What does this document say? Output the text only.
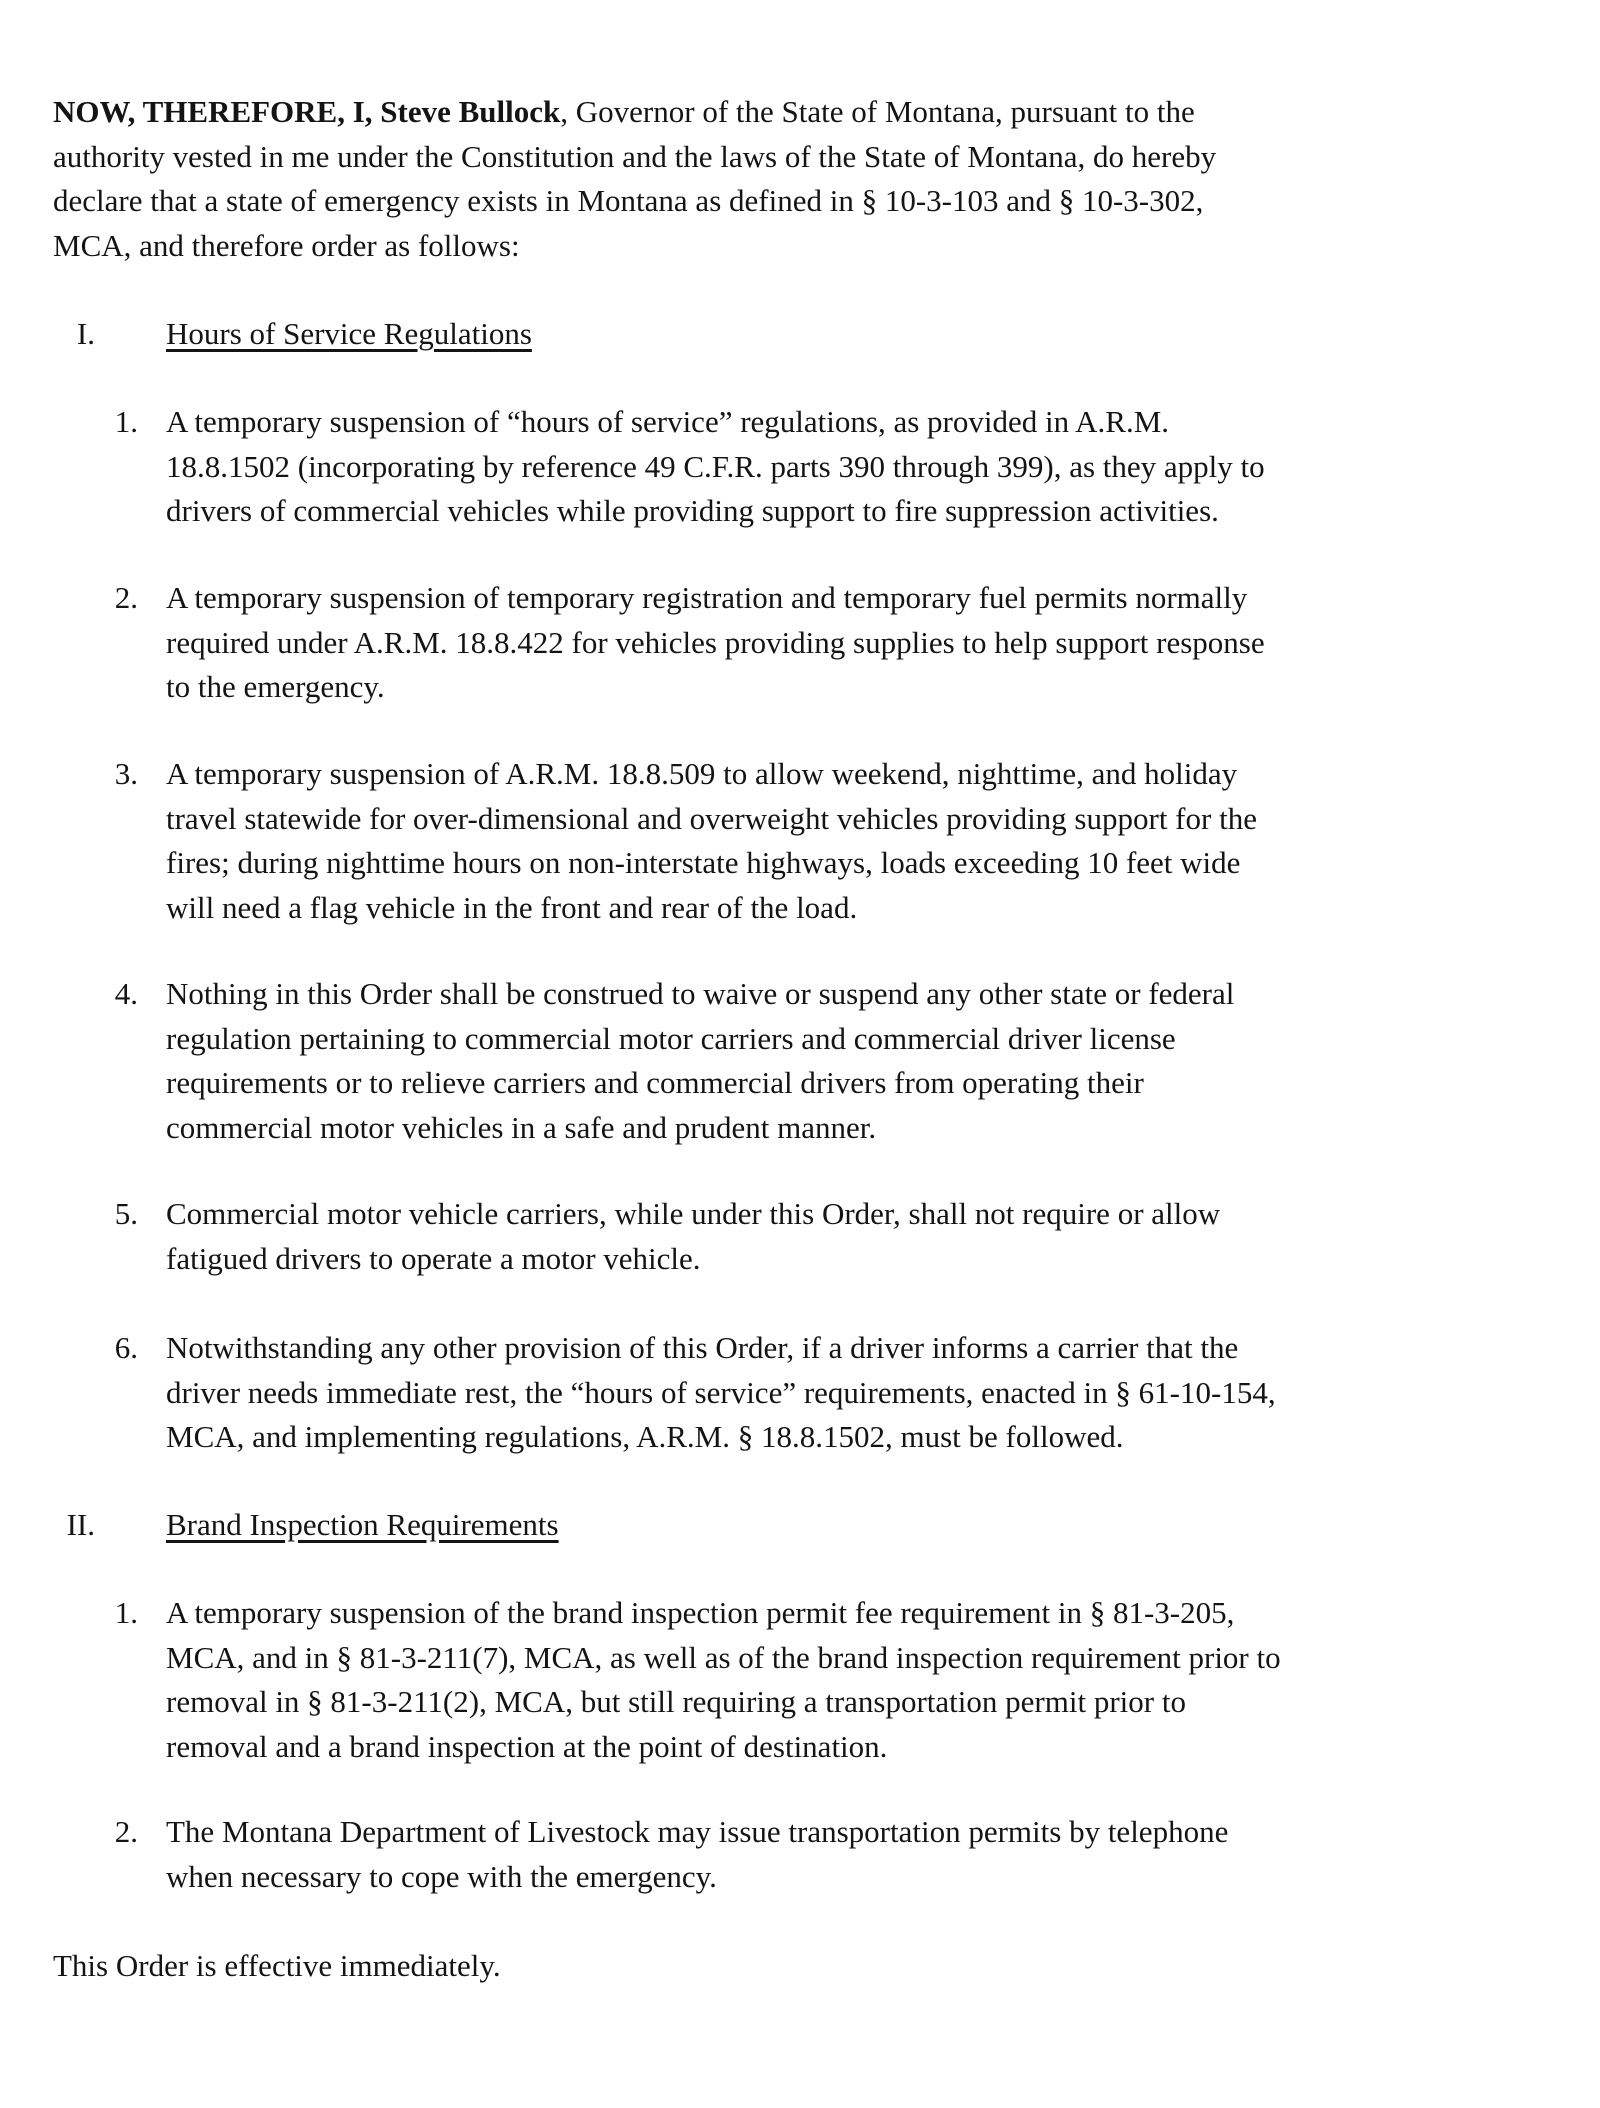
NOW, THEREFORE, I, Steve Bullock, Governor of the State of Montana, pursuant to the
authority vested in me under the Constitution and the laws of the State of Montana, do hereby
declare that a state of emergency exists in Montana as defined in § 10-3-103 and § 10-3-302,
MCA, and therefore order as follows:
I. Hours of Service Regulations
1. A temporary suspension of “hours of service” regulations, as provided in A.R.M.
18.8.1502 (incorporating by reference 49 C.F.R. parts 390 through 399), as they apply to
drivers of commercial vehicles while providing support to fire suppression activities.
2. A temporary suspension of temporary registration and temporary fuel permits normally
required under A.R.M. 18.8.422 for vehicles providing supplies to help support response
to the emergency.
3. A temporary suspension of A.R.M. 18.8.509 to allow weekend, nighttime, and holiday
travel statewide for over-dimensional and overweight vehicles providing support for the
fires; during nighttime hours on non-interstate highways, loads exceeding 10 feet wide
will need a flag vehicle in the front and rear of the load.
4. Nothing in this Order shall be construed to waive or suspend any other state or federal
regulation pertaining to commercial motor carriers and commercial driver license
requirements or to relieve carriers and commercial drivers from operating their
commercial motor vehicles in a safe and prudent manner.
5. Commercial motor vehicle carriers, while under this Order, shall not require or allow
fatigued drivers to operate a motor vehicle.
6. Notwithstanding any other provision of this Order, if a driver informs a carrier that the
driver needs immediate rest, the “hours of service” requirements, enacted in § 61-10-154,
MCA, and implementing regulations, A.R.M. § 18.8.1502, must be followed.
II. Brand Inspection Requirements
1. A temporary suspension of the brand inspection permit fee requirement in § 81-3-205,
MCA, and in § 81-3-211(7), MCA, as well as of the brand inspection requirement prior to
removal in § 81-3-211(2), MCA, but still requiring a transportation permit prior to
removal and a brand inspection at the point of destination.
2. The Montana Department of Livestock may issue transportation permits by telephone
when necessary to cope with the emergency.
This Order is effective immediately.
